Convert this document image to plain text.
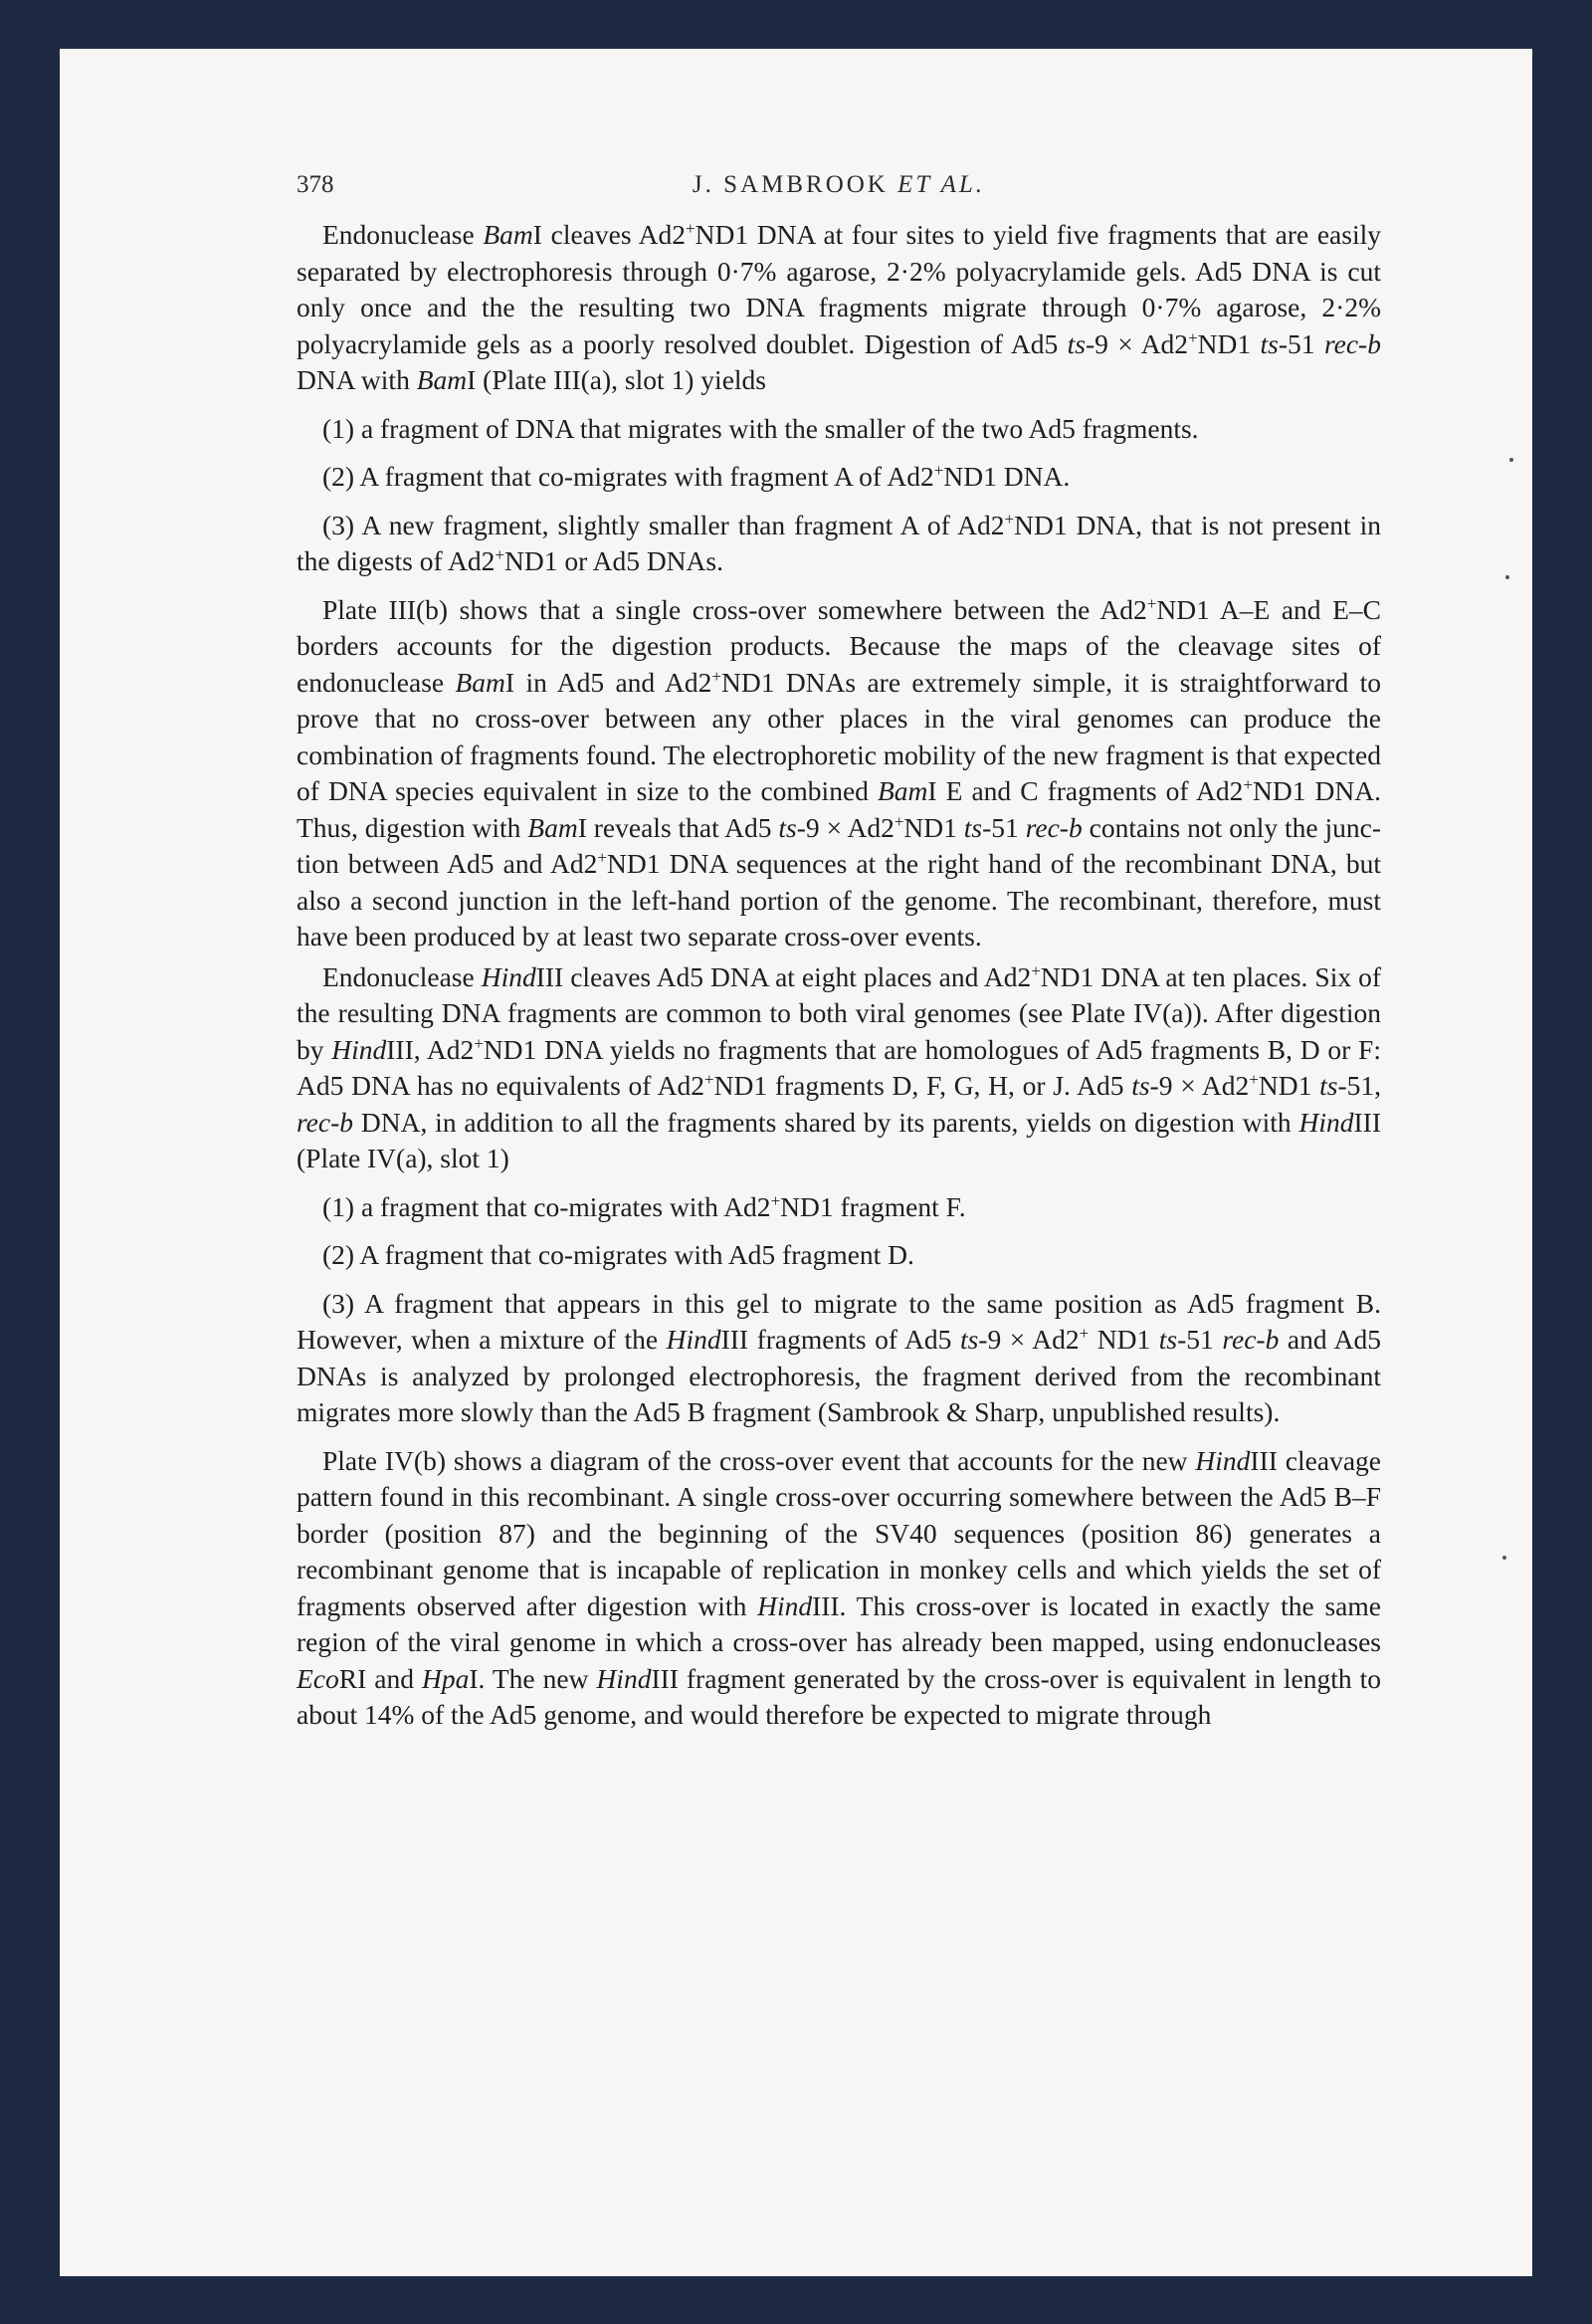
378	J. SAMBROOK ET AL.

Endonuclease BamI cleaves Ad2+ND1 DNA at four sites to yield five fragments that are easily separated by electrophoresis through 0·7% agarose, 2·2% polyacrylamide gels. Ad5 DNA is cut only once and the the resulting two DNA fragments migrate through 0·7% agarose, 2·2% polyacrylamide gels as a poorly resolved doublet. Digestion of Ad5 ts-9 × Ad2+ND1 ts-51 rec-b DNA with BamI (Plate III(a), slot 1) yields

(1) a fragment of DNA that migrates with the smaller of the two Ad5 fragments.

(2) A fragment that co-migrates with fragment A of Ad2+ND1 DNA.

(3) A new fragment, slightly smaller than fragment A of Ad2+ND1 DNA, that is not present in the digests of Ad2+ND1 or Ad5 DNAs.

Plate III(b) shows that a single cross-over somewhere between the Ad2+ND1 A–E and E–C borders accounts for the digestion products. Because the maps of the cleavage sites of endonuclease BamI in Ad5 and Ad2+ND1 DNAs are extremely simple, it is straightforward to prove that no cross-over between any other places in the viral genomes can produce the combination of fragments found. The electrophoretic mobility of the new fragment is that expected of DNA species equivalent in size to the combined BamI E and C fragments of Ad2+ND1 DNA. Thus, digestion with BamI reveals that Ad5 ts-9 × Ad2+ND1 ts-51 rec-b contains not only the junction between Ad5 and Ad2+ND1 DNA sequences at the right hand of the recombinant DNA, but also a second junction in the left-hand portion of the genome. The recombinant, therefore, must have been produced by at least two separate cross-over events.

Endonuclease HindIII cleaves Ad5 DNA at eight places and Ad2+ND1 DNA at ten places. Six of the resulting DNA fragments are common to both viral genomes (see Plate IV(a)). After digestion by HindIII, Ad2+ND1 DNA yields no fragments that are homologues of Ad5 fragments B, D or F: Ad5 DNA has no equivalents of Ad2+ND1 fragments D, F, G, H, or J. Ad5 ts-9 × Ad2+ND1 ts-51, rec-b DNA, in addition to all the fragments shared by its parents, yields on digestion with HindIII (Plate IV(a), slot 1)

(1) a fragment that co-migrates with Ad2+ND1 fragment F.

(2) A fragment that co-migrates with Ad5 fragment D.

(3) A fragment that appears in this gel to migrate to the same position as Ad5 fragment B. However, when a mixture of the HindIII fragments of Ad5 ts-9 × Ad2+ ND1 ts-51 rec-b and Ad5 DNAs is analyzed by prolonged electrophoresis, the fragment derived from the recombinant migrates more slowly than the Ad5 B fragment (Sambrook & Sharp, unpublished results).

Plate IV(b) shows a diagram of the cross-over event that accounts for the new HindIII cleavage pattern found in this recombinant. A single cross-over occurring somewhere between the Ad5 B–F border (position 87) and the beginning of the SV40 sequences (position 86) generates a recombinant genome that is incapable of replication in monkey cells and which yields the set of fragments observed after digestion with HindIII. This cross-over is located in exactly the same region of the viral genome in which a cross-over has already been mapped, using endonucleases EcoRI and HpaI. The new HindIII fragment generated by the cross-over is equivalent in length to about 14% of the Ad5 genome, and would therefore be expected to migrate through
